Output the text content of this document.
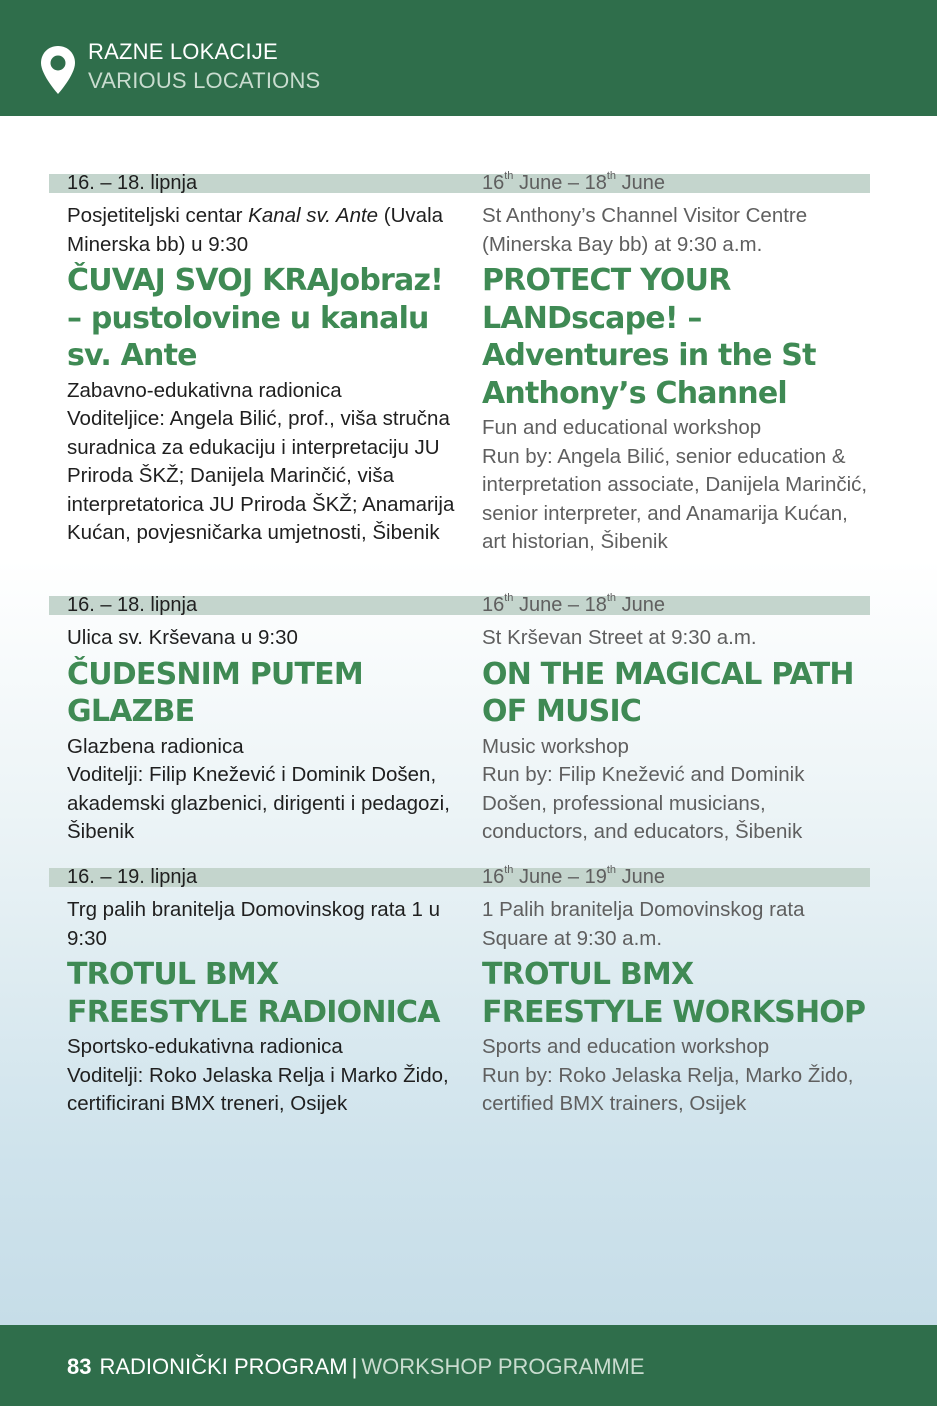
RAZNE LOKACIJE
VARIOUS LOCATIONS
16. – 18. lipnja
Posjetiteljski centar Kanal sv. Ante (Uvala Minerska bb) u 9:30
ČUVAJ SVOJ KRAJobraz! – pustolovine u kanalu sv. Ante
Zabavno-edukativna radionica
Voditeljice: Angela Bilić, prof., viša stručna suradnica za edukaciju i interpretaciju JU Priroda ŠKŽ; Danijela Marinčić, viša interpretatorica JU Priroda ŠKŽ; Anamarija Kućan, povjesničarka umjetnosti, Šibenik
16th June – 18th June
St Anthony’s Channel Visitor Centre (Minerska Bay bb) at 9:30 a.m.
PROTECT YOUR LANDscape! – Adventures in the St Anthony’s Channel
Fun and educational workshop
Run by: Angela Bilić, senior education & interpretation associate, Danijela Marinčić, senior interpreter, and Anamarija Kućan, art historian, Šibenik
16. – 18. lipnja
Ulica sv. Krševana u 9:30
ČUDESNIM PUTEM GLAZBE
Glazbena radionica
Voditelji: Filip Knežević i Dominik Došen, akademski glazbenici, dirigenti i pedagozi, Šibenik
16th June – 18th June
St Krševan Street at 9:30 a.m.
ON THE MAGICAL PATH OF MUSIC
Music workshop
Run by: Filip Knežević and Dominik Došen, professional musicians, conductors, and educators, Šibenik
16. – 19. lipnja
Trg palih branitelja Domovinskog rata 1 u 9:30
TROTUL BMX FREESTYLE RADIONICA
Sportsko-edukativna radionica
Voditelji: Roko Jelaska Relja i Marko Žido, certificirani BMX treneri, Osijek
16th June – 19th June
1 Palih branitelja Domovinskog rata Square at 9:30 a.m.
TROTUL BMX FREESTYLE WORKSHOP
Sports and education workshop
Run by: Roko Jelaska Relja, Marko Žido, certified BMX trainers, Osijek
83 RADIONIČKI PROGRAM | WORKSHOP PROGRAMME
